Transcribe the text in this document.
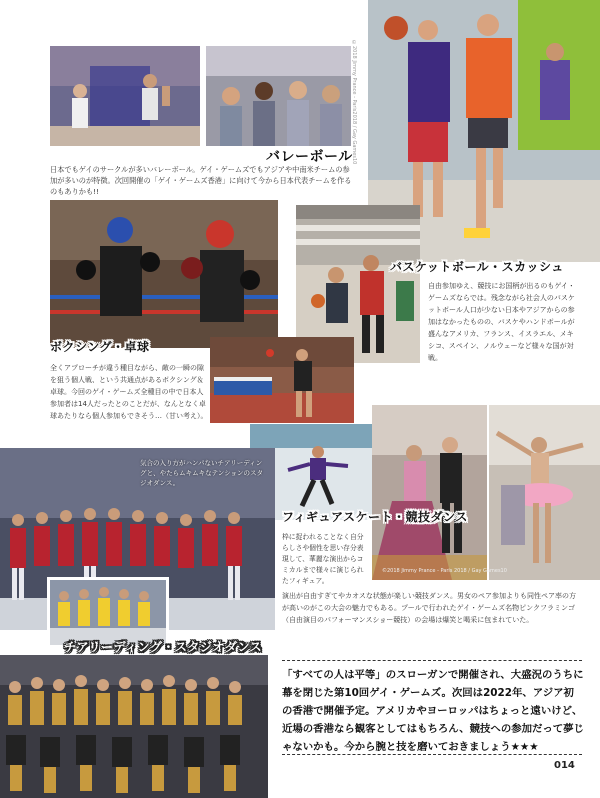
バレーボール
日本でもゲイのサークルが多いバレーボール。ゲイ・ゲームズでもアジアや中南米チームの参加が多いのが特徴。次回開催の「ゲイ・ゲームズ香港」に向けて今から日本代表チームを作るのもありかも!!
バスケットボール・スカッシュ
自由参加ゆえ、競技にお国柄が出るのもゲイ・ゲームズならでは。残念ながら社会人のバスケットボール人口が少ない日本やアジアからの参加はなかったものの、バスケやハンドボールが盛んなアメリカ、フランス、イスラエル、メキシコ、スペイン、ノルウェーなど様々な国が対戦。
ボクシング・卓球
全くアプローチが違う種目ながら、敵の一瞬の隙を狙う個人戦、という共通点があるボクシング＆卓球。今回のゲイ・ゲームズ全種目の中で日本人参加者は14人だったとのことだが、なんとなく卓球あたりなら個人参加もできそう…（甘い考え）。
フィギュアスケート・競技ダンス
枠に捉われることなく自分らしさや個性を思い存分表現して、華麗な演出からコミカルまで様々に演じられたフィギュア。
©2018 Jimmy Prance - Paris 2018 / Gay Games10
演出が自由すぎてやカオスな状態が楽しい競技ダンス。男女のペア参加よりも同性ペア率の方が高いのがこの大会の魅力でもある。プールで行われたゲイ・ゲームズ名物ピンクフラミンゴ（自由演目のパフォーマンスショー競技）の会場は爆笑と喝采に包まれていた。
気合の入り方がハンパないチアリーディングと、やたらムキムキなテンションのスタジオダンス。
チアリーディング・スタジオダンス
©2018 Jimmy Prance - Paris2018 / Gay Games10
「すべての人は平等」のスローガンで開催され、大盛況のうちに幕を閉じた第10回ゲイ・ゲームズ。次回は2022年、アジア初の香港で開催予定。アメリカやヨーロッパはちょっと遠いけど、近場の香港なら観客としてはもちろん、競技への参加だって夢じゃないかも。今から腕と技を磨いておきましょう★★★
014
